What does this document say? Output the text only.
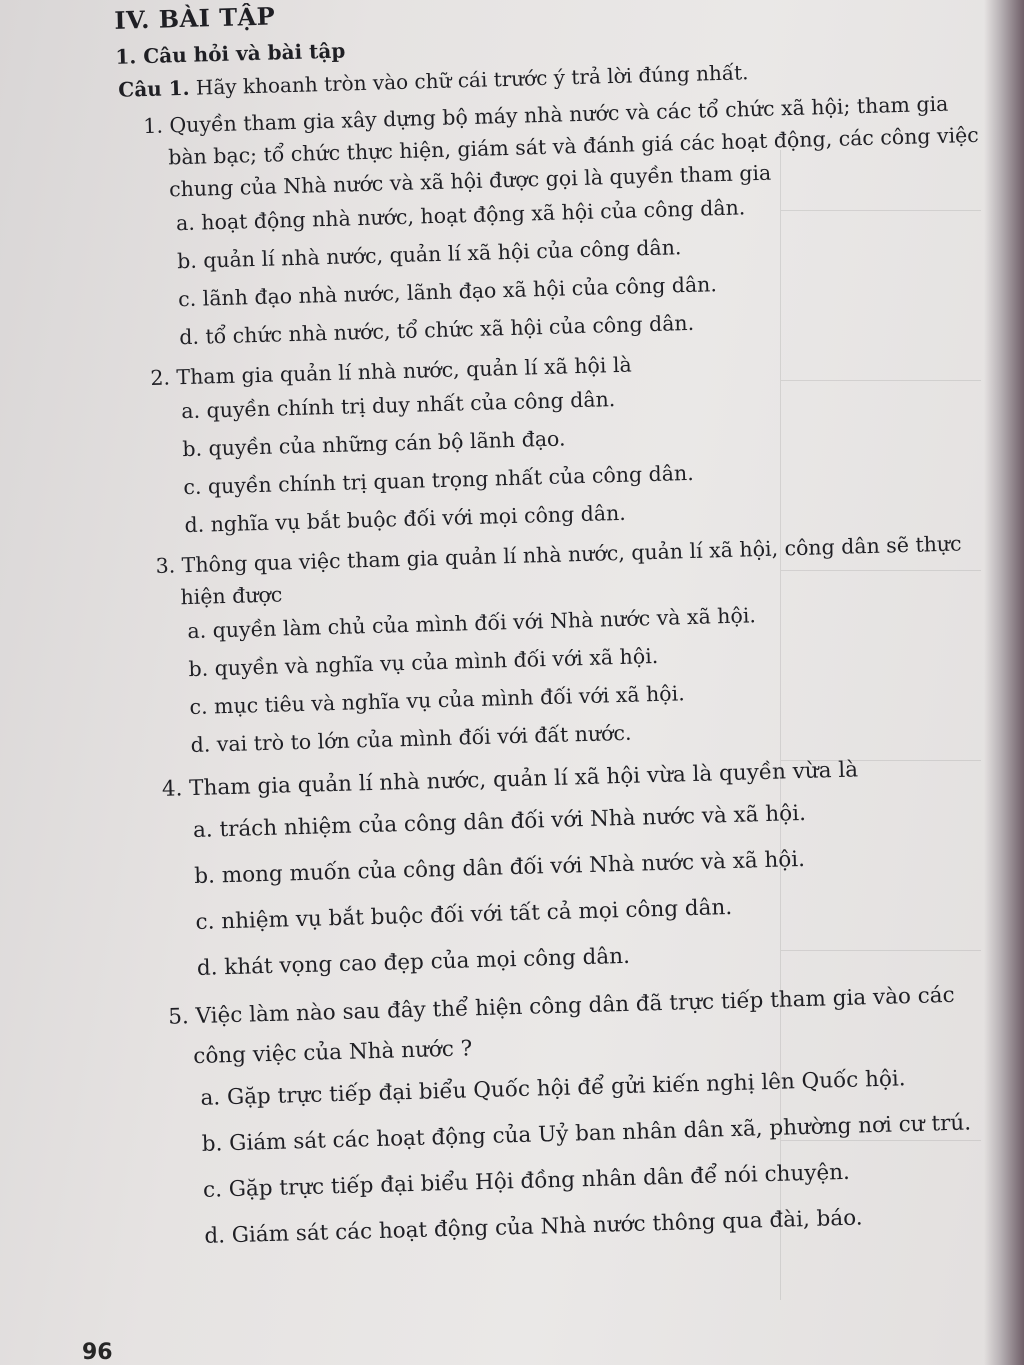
IV. BÀI TẬP
1. Câu hỏi và bài tập
Câu 1. Hãy khoanh tròn vào chữ cái trước ý trả lời đúng nhất.
1. Quyền tham gia xây dựng bộ máy nhà nước và các tổ chức xã hội; tham gia bàn bạc; tổ chức thực hiện, giám sát và đánh giá các hoạt động, các công việc chung của Nhà nước và xã hội được gọi là quyền tham gia
a. hoạt động nhà nước, hoạt động xã hội của công dân.
b. quản lí nhà nước, quản lí xã hội của công dân.
c. lãnh đạo nhà nước, lãnh đạo xã hội của công dân.
d. tổ chức nhà nước, tổ chức xã hội của công dân.
2. Tham gia quản lí nhà nước, quản lí xã hội là
a. quyền chính trị duy nhất của công dân.
b. quyền của những cán bộ lãnh đạo.
c. quyền chính trị quan trọng nhất của công dân.
d. nghĩa vụ bắt buộc đối với mọi công dân.
3. Thông qua việc tham gia quản lí nhà nước, quản lí xã hội, công dân sẽ thực hiện được
a. quyền làm chủ của mình đối với Nhà nước và xã hội.
b. quyền và nghĩa vụ của mình đối với xã hội.
c. mục tiêu và nghĩa vụ của mình đối với xã hội.
d. vai trò to lớn của mình đối với đất nước.
4. Tham gia quản lí nhà nước, quản lí xã hội vừa là quyền vừa là
a. trách nhiệm của công dân đối với Nhà nước và xã hội.
b. mong muốn của công dân đối với Nhà nước và xã hội.
c. nhiệm vụ bắt buộc đối với tất cả mọi công dân.
d. khát vọng cao đẹp của mọi công dân.
5. Việc làm nào sau đây thể hiện công dân đã trực tiếp tham gia vào các công việc của Nhà nước ?
a. Gặp trực tiếp đại biểu Quốc hội để gửi kiến nghị lên Quốc hội.
b. Giám sát các hoạt động của Uỷ ban nhân dân xã, phường nơi cư trú.
c. Gặp trực tiếp đại biểu Hội đồng nhân dân để nói chuyện.
d. Giám sát các hoạt động của Nhà nước thông qua đài, báo.
96
